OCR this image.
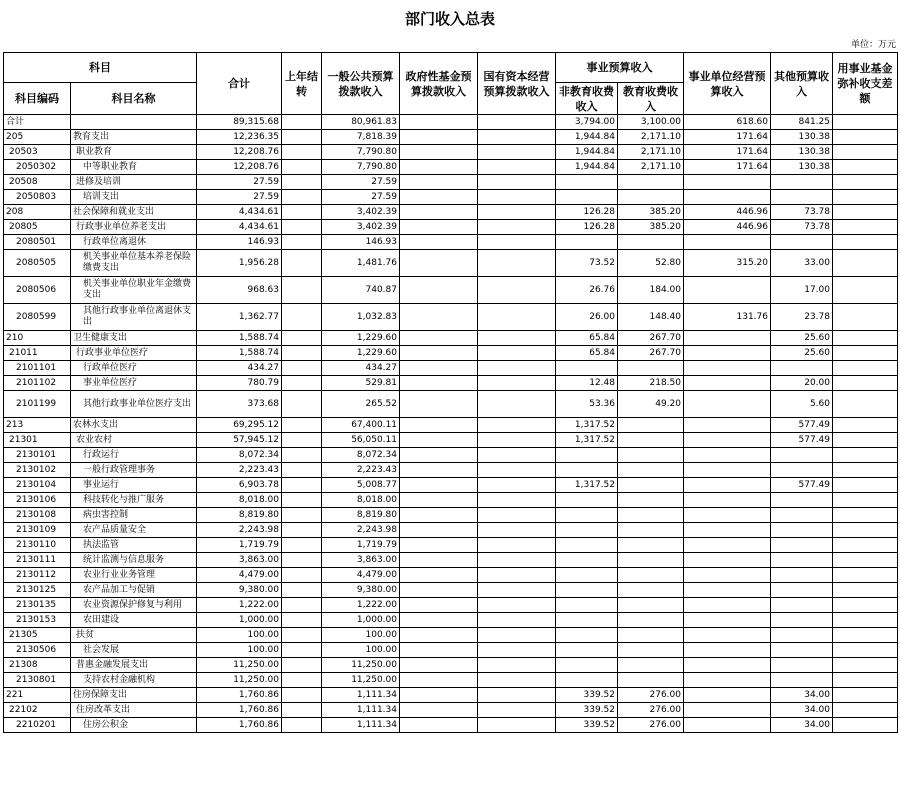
部门收入总表
单位：万元
科目		合计	上年结转	一般公共预算拨款收入	政府性基金预算拨款收入	国有资本经营预算拨款收入	事业预算收入		事业单位经营预算收入	其他预算收入	用事业基金弥补收支差额
科目编码	科目名称						非教育收费收入	教育收费收入			
合计		89,315.68		80,961.83			3,794.00	3,100.00	618.60	841.25	
205	教育支出	12,236.35		7,818.39			1,944.84	2,171.10	171.64	130.38	
20503	职业教育	12,208.76		7,790.80			1,944.84	2,171.10	171.64	130.38	
2050302	中等职业教育	12,208.76		7,790.80			1,944.84	2,171.10	171.64	130.38	
20508	进修及培训	27.59		27.59							
2050803	培训支出	27.59		27.59							
208	社会保障和就业支出	4,434.61		3,402.39			126.28	385.20	446.96	73.78	
20805	行政事业单位养老支出	4,434.61		3,402.39			126.28	385.20	446.96	73.78	
2080501	行政单位离退休	146.93		146.93							
2080505	机关事业单位基本养老保险缴费支出	1,956.28		1,481.76			73.52	52.80	315.20	33.00	
2080506	机关事业单位职业年金缴费支出	968.63		740.87			26.76	184.00		17.00	
2080599	其他行政事业单位离退休支出	1,362.77		1,032.83			26.00	148.40	131.76	23.78	
210	卫生健康支出	1,588.74		1,229.60			65.84	267.70		25.60	
21011	行政事业单位医疗	1,588.74		1,229.60			65.84	267.70		25.60	
2101101	行政单位医疗	434.27		434.27							
2101102	事业单位医疗	780.79		529.81			12.48	218.50		20.00	
2101199	其他行政事业单位医疗支出	373.68		265.52			53.36	49.20		5.60	
213	农林水支出	69,295.12		67,400.11			1,317.52			577.49	
21301	农业农村	57,945.12		56,050.11			1,317.52			577.49	
2130101	行政运行	8,072.34		8,072.34							
2130102	一般行政管理事务	2,223.43		2,223.43							
2130104	事业运行	6,903.78		5,008.77			1,317.52			577.49	
2130106	科技转化与推广服务	8,018.00		8,018.00							
2130108	病虫害控制	8,819.80		8,819.80							
2130109	农产品质量安全	2,243.98		2,243.98							
2130110	执法监管	1,719.79		1,719.79							
2130111	统计监测与信息服务	3,863.00		3,863.00							
2130112	农业行业业务管理	4,479.00		4,479.00							
2130125	农产品加工与促销	9,380.00		9,380.00							
2130135	农业资源保护修复与利用	1,222.00		1,222.00							
2130153	农田建设	1,000.00		1,000.00							
21305	扶贫	100.00		100.00							
2130506	社会发展	100.00		100.00							
21308	普惠金融发展支出	11,250.00		11,250.00							
2130801	支持农村金融机构	11,250.00		11,250.00							
221	住房保障支出	1,760.86		1,111.34			339.52	276.00		34.00	
22102	住房改革支出	1,760.86		1,111.34			339.52	276.00		34.00	
2210201	住房公积金	1,760.86		1,111.34			339.52	276.00		34.00	
